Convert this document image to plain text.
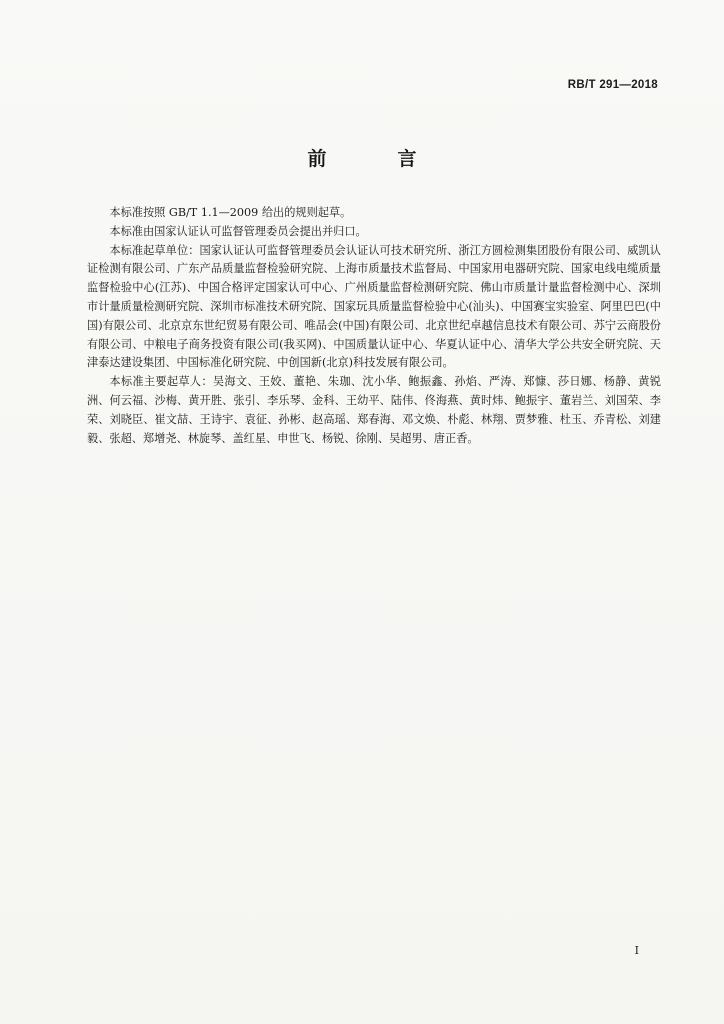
RB/T 291—2018
前　言

本标准按照 GB/T 1.1—2009 给出的规则起草。

本标准由国家认证认可监督管理委员会提出并归口。

本标准起草单位：国家认证认可监督管理委员会认证认可技术研究所、浙江方圆检测集团股份有限公司、威凯认证检测有限公司、广东产品质量监督检验研究院、上海市质量技术监督局、中国家用电器研究院、国家电线电缆质量监督检验中心(江苏)、中国合格评定国家认可中心、广州质量监督检测研究院、佛山市质量计量监督检测中心、深圳市计量质量检测研究院、深圳市标准技术研究院、国家玩具质量监督检验中心(汕头)、中国赛宝实验室、阿里巴巴(中国)有限公司、北京京东世纪贸易有限公司、唯品会(中国)有限公司、北京世纪卓越信息技术有限公司、苏宁云商股份有限公司、中粮电子商务投资有限公司(我买网)、中国质量认证中心、华夏认证中心、清华大学公共安全研究院、天津泰达建设集团、中国标准化研究院、中创国新(北京)科技发展有限公司。

本标准主要起草人：吴海文、王姣、董艳、朱珈、沈小华、鲍振鑫、孙焰、严涛、郑慷、莎日娜、杨静、黄锐洲、何云福、沙梅、黄开胜、张引、李乐琴、金科、王幼平、陆伟、佟海燕、黄时炜、鲍振宇、董岩兰、刘国荣、李荣、刘晓臣、崔文喆、王诗宇、袁征、孙彬、赵高瑶、郑春海、邓文焕、朴彪、林翔、贾梦雅、杜玉、乔青松、刘建毅、张超、郑增尧、林旋琴、盖红星、申世飞、杨锐、徐刚、吴超男、唐正香。

I
